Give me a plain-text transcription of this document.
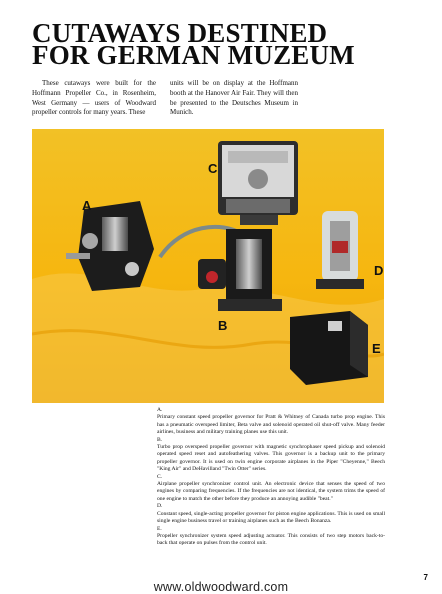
CUTAWAYS DESTINED
FOR GERMAN MUZEUM

These cutaways were built for the Hoffmann Propeller Co., in Rosenheim, West Germany — users of Woodward propeller controls for many years. These

units will be on display at the Hoffmann booth at the Hanover Air Fair. They will then be presented to the Deutsches Museum in Munich.

A
B
C
D
E

A.

Primary constant speed propeller governor for Pratt & Whitney of Canada turbo prop engine. This has a pneumatic overspeed limiter, Beta valve and solenoid operated oil shut-off valve. Many feeder airlines, business and military training planes use this unit.

B.

Turbo prop overspeed propeller governor with magnetic synchrophaser speed pickup and solenoid operated speed reset and autofeathering valves. This governor is a backup unit to the primary propeller governor. It is used on twin engine corporate airplanes in the Piper "Cheyenne," Beech "King Air" and DeHavilland "Twin Otter" series.

C.

Airplane propeller synchronizer control unit. An electronic device that senses the speed of two engines by comparing frequencies. If the frequencies are not identical, the system trims the speed of one engine to match the other before they produce an annoying audible "beat."

D.

Constant speed, single-acting propeller governor for piston engine applications. This is used on small single engine business travel or training airplanes such as the Beech Bonanza.

E.

Propeller synchronizer system speed adjusting actuator. This consists of two step motors back-to-back that operate on pulses from the control unit.

7
www.oldwoodward.com
